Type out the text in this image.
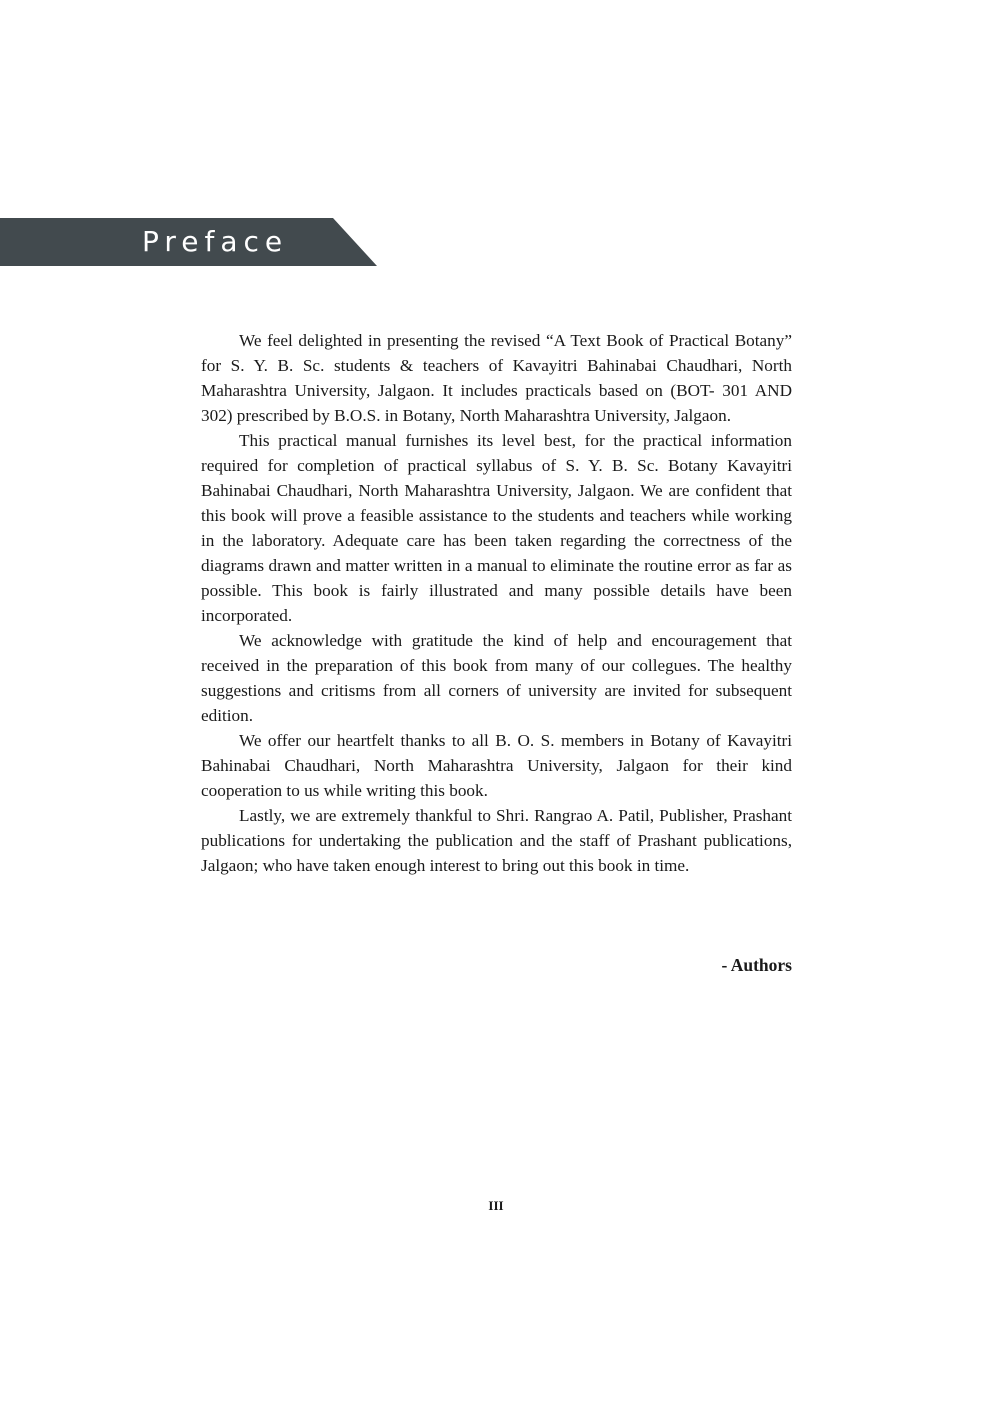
Preface

We feel delighted in presenting the revised “A Text Book of Practical Botany” for S. Y. B. Sc. students & teachers of Kavayitri Bahinabai Chaudhari, North Maharashtra University, Jalgaon. It includes practicals based on (BOT- 301 AND 302) prescribed by B.O.S. in Botany, North Maharashtra University, Jalgaon.

This practical manual furnishes its level best, for the practical information required for completion of practical syllabus of S. Y. B. Sc. Botany Kavayitri Bahinabai Chaudhari, North Maharashtra University, Jalgaon. We are confident that this book will prove a feasible assistance to the students and teachers while working in the laboratory. Adequate care has been taken regarding the correctness of the diagrams drawn and matter written in a manual to eliminate the routine error as far as possible. This book is fairly illustrated and many possible details have been incorporated.

We acknowledge with gratitude the kind of help and encouragement that received in the preparation of this book from many of our collegues. The healthy suggestions and critisms from all corners of university are invited for subsequent edition.

We offer our heartfelt thanks to all B. O. S. members in Botany of Kavayitri Bahinabai Chaudhari, North Maharashtra University, Jalgaon for their kind cooperation to us while writing this book.

Lastly, we are extremely thankful to Shri. Rangrao A. Patil, Publisher, Prashant publications for undertaking the publication and the staff of Prashant publications, Jalgaon; who have taken enough interest to bring out this book in time.

- Authors
III
